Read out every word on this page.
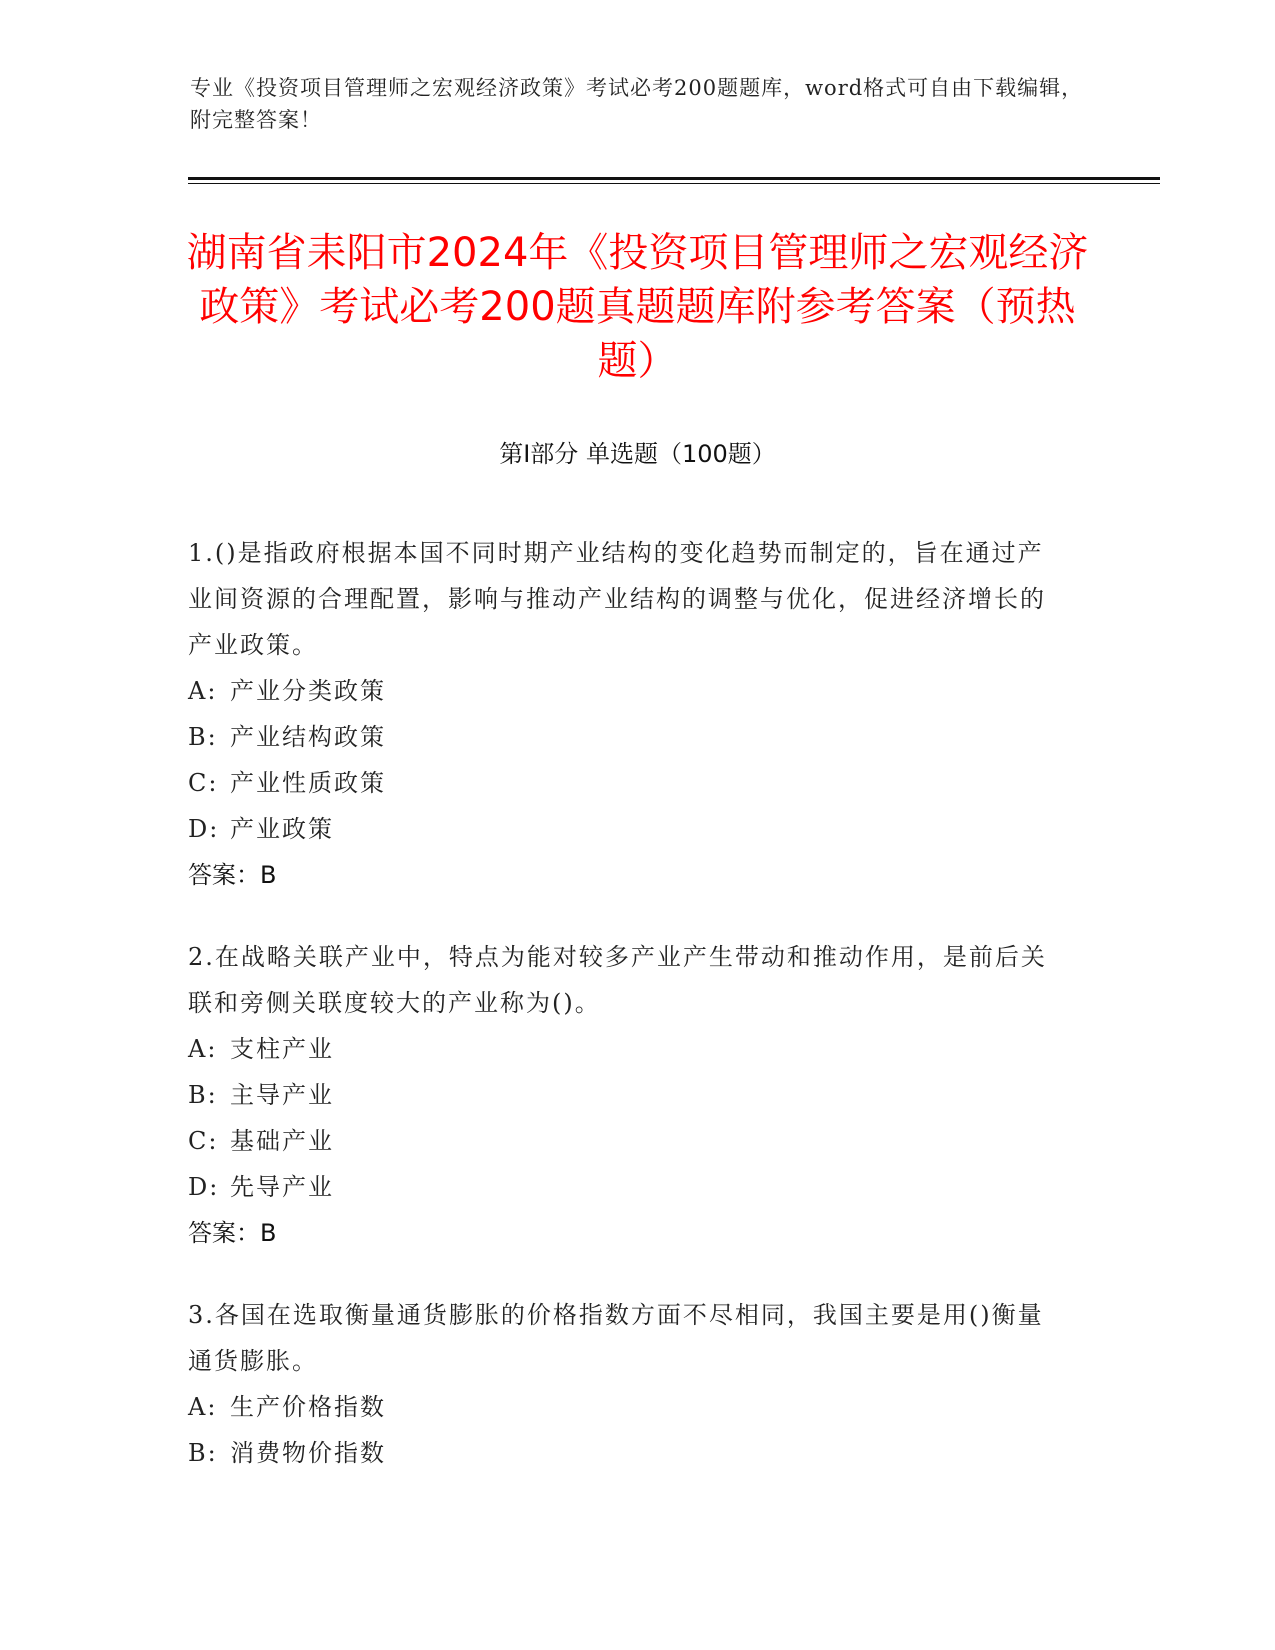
专业《投资项目管理师之宏观经济政策》考试必考200题题库，word格式可自由下载编辑，附完整答案！
湖南省耒阳市2024年《投资项目管理师之宏观经济政策》考试必考200题真题题库附参考答案（预热题）
第I部分 单选题（100题）
1.()是指政府根据本国不同时期产业结构的变化趋势而制定的，旨在通过产业间资源的合理配置，影响与推动产业结构的调整与优化，促进经济增长的产业政策。
A: 产业分类政策
B: 产业结构政策
C: 产业性质政策
D: 产业政策
答案：B
2.在战略关联产业中，特点为能对较多产业产生带动和推动作用，是前后关联和旁侧关联度较大的产业称为()。
A: 支柱产业
B: 主导产业
C: 基础产业
D: 先导产业
答案：B
3.各国在选取衡量通货膨胀的价格指数方面不尽相同，我国主要是用()衡量通货膨胀。
A: 生产价格指数
B: 消费物价指数
